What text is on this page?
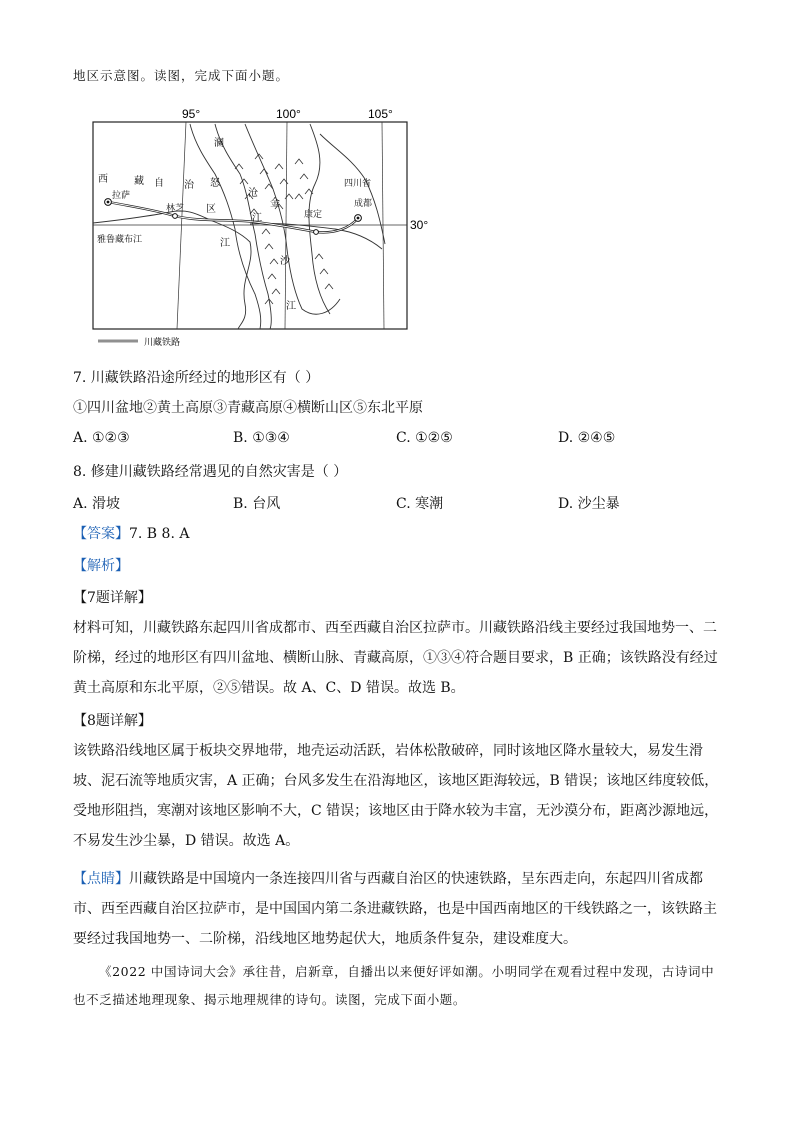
地区示意图。读图，完成下面小题。
95°	100°	105°
30°
西	藏 自 治
区
拉萨
林芝
雅鲁藏布江
怒
江
澜
沧
江
金
沙
江
康定
成都
四川省
川藏铁路
7. 川藏铁路沿途所经过的地形区有（ ）
①四川盆地②黄土高原③青藏高原④横断山区⑤东北平原
A. ①②③	B. ①③④	C. ①②⑤	D. ②④⑤
8. 修建川藏铁路经常遇见的自然灾害是（ ）
A. 滑坡	B. 台风	C. 寒潮	D. 沙尘暴
【答案】7. B 8. A
【解析】
【7题详解】
材料可知，川藏铁路东起四川省成都市、西至西藏自治区拉萨市。川藏铁路沿线主要经过我国地势一、二阶梯，经过的地形区有四川盆地、横断山脉、青藏高原，①③④符合题目要求，B 正确；该铁路没有经过黄土高原和东北平原，②⑤错误。故 A、C、D 错误。故选 B。
【8题详解】
该铁路沿线地区属于板块交界地带，地壳运动活跃，岩体松散破碎，同时该地区降水量较大，易发生滑坡、泥石流等地质灾害，A 正确；台风多发生在沿海地区，该地区距海较远，B 错误；该地区纬度较低，受地形阻挡，寒潮对该地区影响不大，C 错误；该地区由于降水较为丰富，无沙漠分布，距离沙源地远，不易发生沙尘暴，D 错误。故选 A。
【点睛】川藏铁路是中国境内一条连接四川省与西藏自治区的快速铁路，呈东西走向，东起四川省成都市、西至西藏自治区拉萨市，是中国国内第二条进藏铁路，也是中国西南地区的干线铁路之一，该铁路主要经过我国地势一、二阶梯，沿线地区地势起伏大，地质条件复杂，建设难度大。
《2022 中国诗词大会》承往昔，启新章，自播出以来便好评如潮。小明同学在观看过程中发现，古诗词中也不乏描述地理现象、揭示地理规律的诗句。读图，完成下面小题。
